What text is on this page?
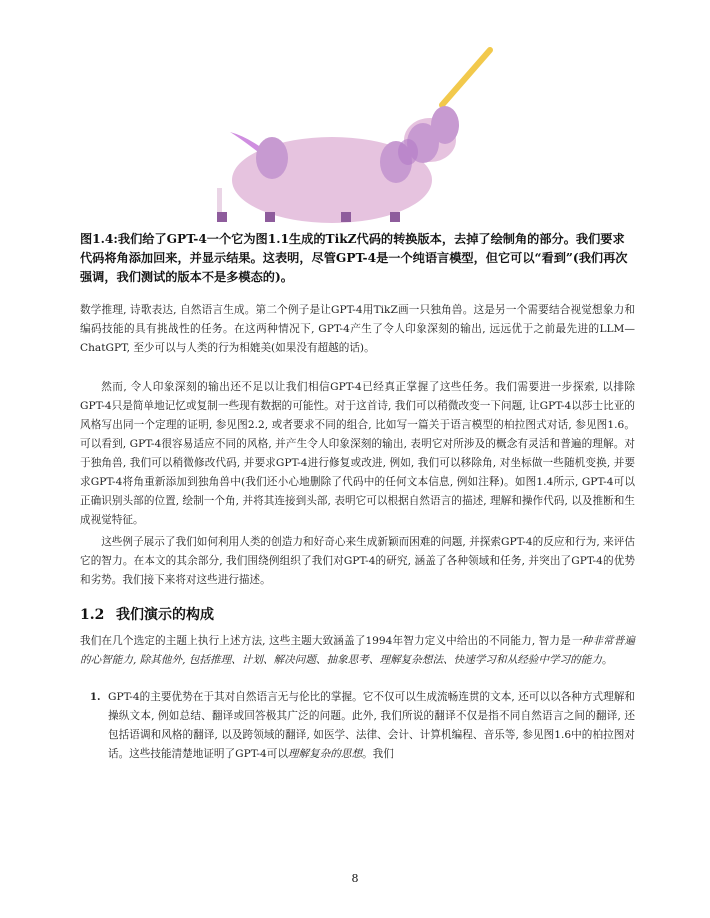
图1.4:我们给了GPT-4一个它为图1.1生成的TikZ代码的转换版本，去掉了绘制角的部分。我们要求代码将角添加回来，并显示结果。这表明，尽管GPT-4是一个纯语言模型，但它可以“看到”(我们再次强调，我们测试的版本不是多模态的)。
数学推理, 诗歌表达, 自然语言生成。第二个例子是让GPT-4用TikZ画一只独角兽。这是另一个需要结合视觉想象力和编码技能的具有挑战性的任务。在这两种情况下, GPT-4产生了令人印象深刻的输出, 远远优于之前最先进的LLM—ChatGPT, 至少可以与人类的行为相媲美(如果没有超越的话)。
然而, 令人印象深刻的输出还不足以让我们相信GPT-4已经真正掌握了这些任务。我们需要进一步探索, 以排除GPT-4只是简单地记忆或复制一些现有数据的可能性。对于这首诗, 我们可以稍微改变一下问题, 让GPT-4以莎士比亚的风格写出同一个定理的证明, 参见图2.2, 或者要求不同的组合, 比如写一篇关于语言模型的柏拉图式对话, 参见图1.6。可以看到, GPT-4很容易适应不同的风格, 并产生令人印象深刻的输出, 表明它对所涉及的概念有灵活和普遍的理解。对于独角兽, 我们可以稍微修改代码, 并要求GPT-4进行修复或改进, 例如, 我们可以移除角, 对坐标做一些随机变换, 并要求GPT-4将角重新添加到独角兽中(我们还小心地删除了代码中的任何文本信息, 例如注释)。如图1.4所示, GPT-4可以正确识别头部的位置, 绘制一个角, 并将其连接到头部, 表明它可以根据自然语言的描述, 理解和操作代码, 以及推断和生成视觉特征。
这些例子展示了我们如何利用人类的创造力和好奇心来生成新颖而困难的问题, 并探索GPT-4的反应和行为, 来评估它的智力。在本文的其余部分, 我们围绕例组织了我们对GPT-4的研究, 涵盖了各种领域和任务, 并突出了GPT-4的优势和劣势。我们接下来将对这些进行描述。
1.2 我们演示的构成
我们在几个选定的主题上执行上述方法, 这些主题大致涵盖了1994年智力定义中给出的不同能力, 智力是一种非常普遍的心智能力, 除其他外, 包括推理、计划、解决问题、抽象思考、理解复杂想法、快速学习和从经验中学习的能力。
1. GPT-4的主要优势在于其对自然语言无与伦比的掌握。它不仅可以生成流畅连贯的文本, 还可以以各种方式理解和操纵文本, 例如总结、翻译或回答极其广泛的问题。此外, 我们所说的翻译不仅是指不同自然语言之间的翻译, 还包括语调和风格的翻译, 以及跨领域的翻译, 如医学、法律、会计、计算机编程、音乐等, 参见图1.6中的柏拉图对话。这些技能清楚地证明了GPT-4可以理解复杂的思想。我们
8
